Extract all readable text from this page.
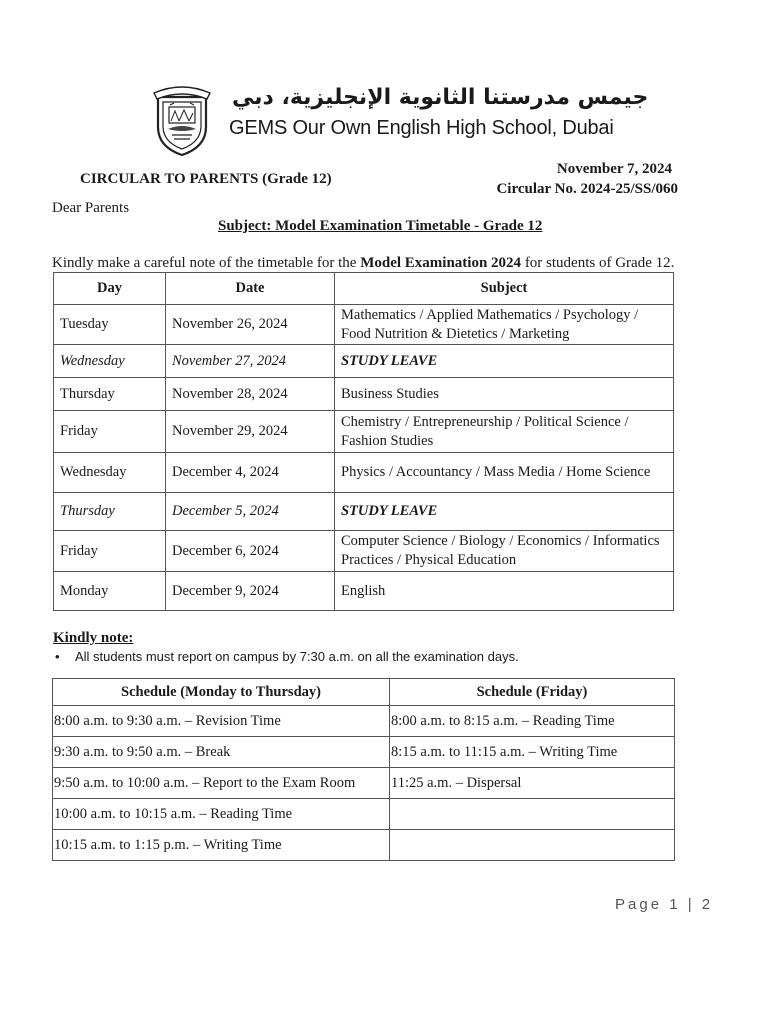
جيمس مدرستنا الثانوية الإنجليزية، دبي
GEMS Our Own English High School, Dubai
CIRCULAR TO PARENTS (Grade 12)
November 7, 2024
Circular No. 2024-25/SS/060
Dear Parents
Subject: Model Examination Timetable - Grade 12
Kindly make a careful note of the timetable for the Model Examination 2024 for students of Grade 12.
Day	Date	Subject
Tuesday	November 26, 2024	Mathematics / Applied Mathematics / Psychology / Food Nutrition & Dietetics / Marketing
Wednesday	November 27, 2024	STUDY LEAVE
Thursday	November 28, 2024	Business Studies
Friday	November 29, 2024	Chemistry / Entrepreneurship / Political Science / Fashion Studies
Wednesday	December 4, 2024	Physics / Accountancy / Mass Media / Home Science
Thursday	December 5, 2024	STUDY LEAVE
Friday	December 6, 2024	Computer Science / Biology / Economics / Informatics Practices / Physical Education
Monday	December 9, 2024	English
Kindly note:
• All students must report on campus by 7:30 a.m. on all the examination days.
Schedule (Monday to Thursday)	Schedule (Friday)
8:00 a.m. to 9:30 a.m. – Revision Time	8:00 a.m. to 8:15 a.m. – Reading Time
9:30 a.m. to 9:50 a.m. – Break	8:15 a.m. to 11:15 a.m. – Writing Time
9:50 a.m. to 10:00 a.m. – Report to the Exam Room	11:25 a.m. – Dispersal
10:00 a.m. to 10:15 a.m. – Reading Time	
10:15 a.m. to 1:15 p.m. – Writing Time	
Page 1 | 2
